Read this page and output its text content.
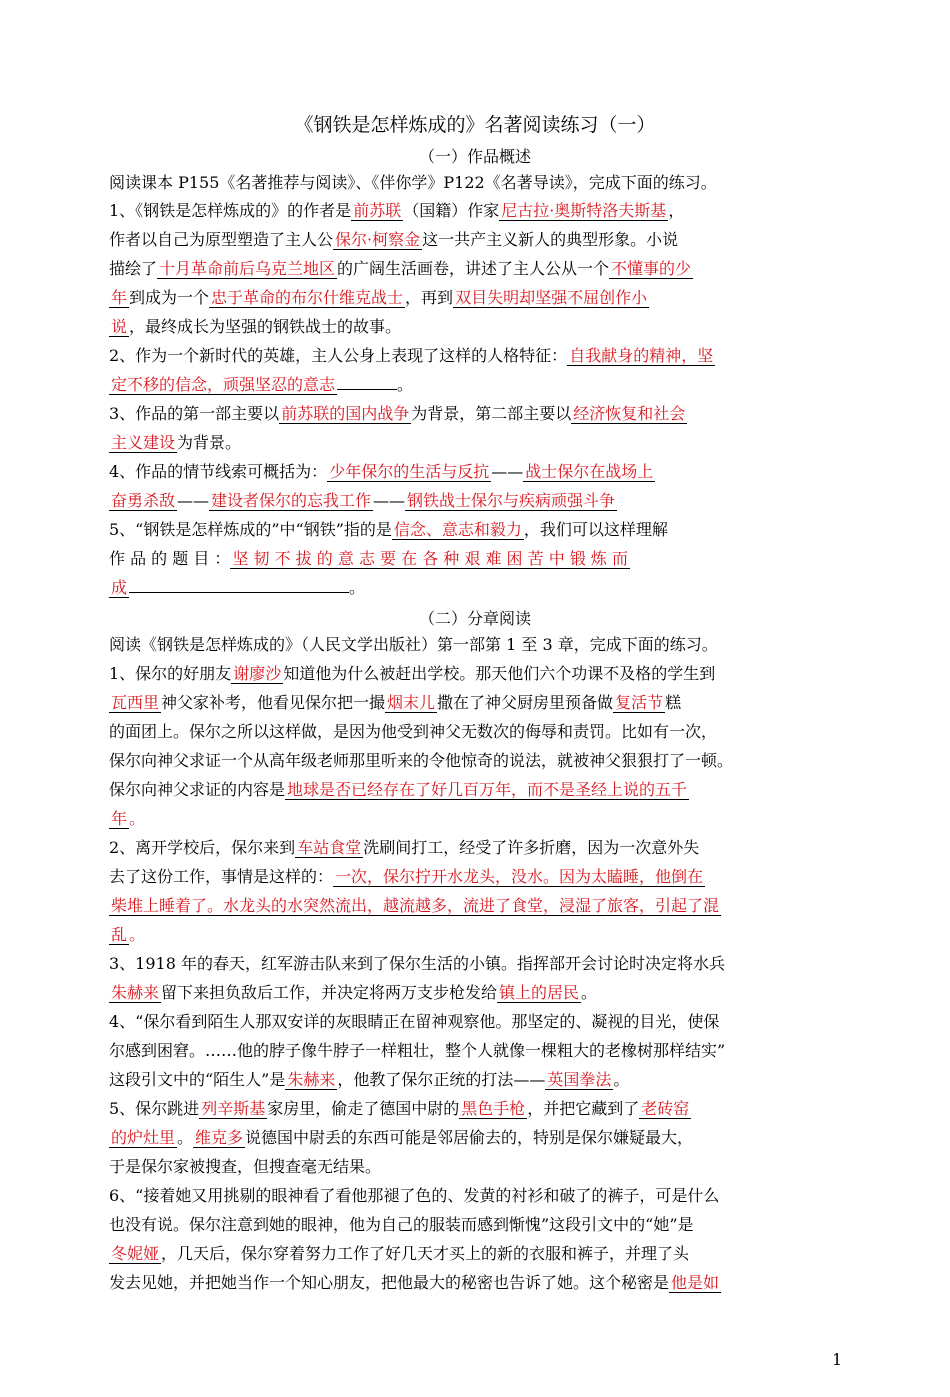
《钢铁是怎样炼成的》名著阅读练习（一）
（一）作品概述
阅读课本 P155《名著推荐与阅读》、《伴你学》P122《名著导读》，完成下面的练习。
1、《钢铁是怎样炼成的》的作者是 前苏联 （国籍）作家 尼古拉·奥斯特洛夫斯基 ，
作者以自己为原型塑造了主人公 保尔·柯察金 这一共产主义新人的典型形象。小说
描绘了 十月革命前后乌克兰地区 的广阔生活画卷，讲述了主人公从一个 不懂事的少
年 到成为一个 忠于革命的布尔什维克战士 ，再到 双目失明却坚强不屈创作小
说 ，最终成长为坚强的钢铁战士的故事。
2、作为一个新时代的英雄，主人公身上表现了这样的人格特征： 自我献身的精神，坚
定不移的信念，顽强坚忍的意志	。
3、作品的第一部主要以 前苏联的国内战争 为背景，第二部主要以 经济恢复和社会
主义建设 为背景。
4、作品的情节线索可概括为： 少年保尔的生活与反抗 —— 战士保尔在战场上
奋勇杀敌 —— 建设者保尔的忘我工作 —— 钢铁战士保尔与疾病顽强斗争
5、“钢铁是怎样炼成的”中“钢铁”指的是 信念、意志和毅力 ，我们可以这样理解
作 品 的 题 目 ： 坚 韧 不 拔 的 意 志 要 在 各 种 艰 难 困 苦 中 锻 炼 而
成	。
（二）分章阅读
阅读《钢铁是怎样炼成的》（人民文学出版社）第一部第 1 至 3 章，完成下面的练习。
1、保尔的好朋友 谢廖沙 知道他为什么被赶出学校。那天他们六个功课不及格的学生到
瓦西里 神父家补考，他看见保尔把一撮 烟末儿 撒在了神父厨房里预备做 复活节 糕
的面团上。保尔之所以这样做，是因为他受到神父无数次的侮辱和责罚。比如有一次，
保尔向神父求证一个从高年级老师那里听来的令他惊奇的说法，就被神父狠狠打了一顿。
保尔向神父求证的内容是 地球是否已经存在了好几百万年，而不是圣经上说的五千
年 。
2、离开学校后，保尔来到 车站食堂 洗刷间打工，经受了许多折磨，因为一次意外失
去了这份工作，事情是这样的： 一次，保尔拧开水龙头，没水。因为太瞌睡，他倒在
柴堆上睡着了。水龙头的水突然流出，越流越多，流进了食堂，浸湿了旅客，引起了混
乱 。
3、1918 年的春天，红军游击队来到了保尔生活的小镇。指挥部开会讨论时决定将水兵
朱赫来 留下来担负敌后工作，并决定将两万支步枪发给 镇上的居民 。
4、“保尔看到陌生人那双安详的灰眼睛正在留神观察他。那坚定的、凝视的目光，使保
尔感到困窘。……他的脖子像牛脖子一样粗壮，整个人就像一棵粗大的老橡树那样结实”
这段引文中的“陌生人”是 朱赫来 ，他教了保尔正统的打法—— 英国拳法 。
5、保尔跳进 列辛斯基 家房里，偷走了德国中尉的 黑色手枪 ，并把它藏到了 老砖窑
的炉灶里 。 维克多 说德国中尉丢的东西可能是邻居偷去的，特别是保尔嫌疑最大，
于是保尔家被搜查，但搜查毫无结果。
6、“接着她又用挑剔的眼神看了看他那褪了色的、发黄的衬衫和破了的裤子，可是什么
也没有说。保尔注意到她的眼神，他为自己的服装而感到惭愧”这段引文中的“她”是
冬妮娅 ，几天后，保尔穿着努力工作了好几天才买上的新的衣服和裤子，并理了头
发去见她，并把她当作一个知心朋友，把他最大的秘密也告诉了她。这个秘密是 他是如
1
